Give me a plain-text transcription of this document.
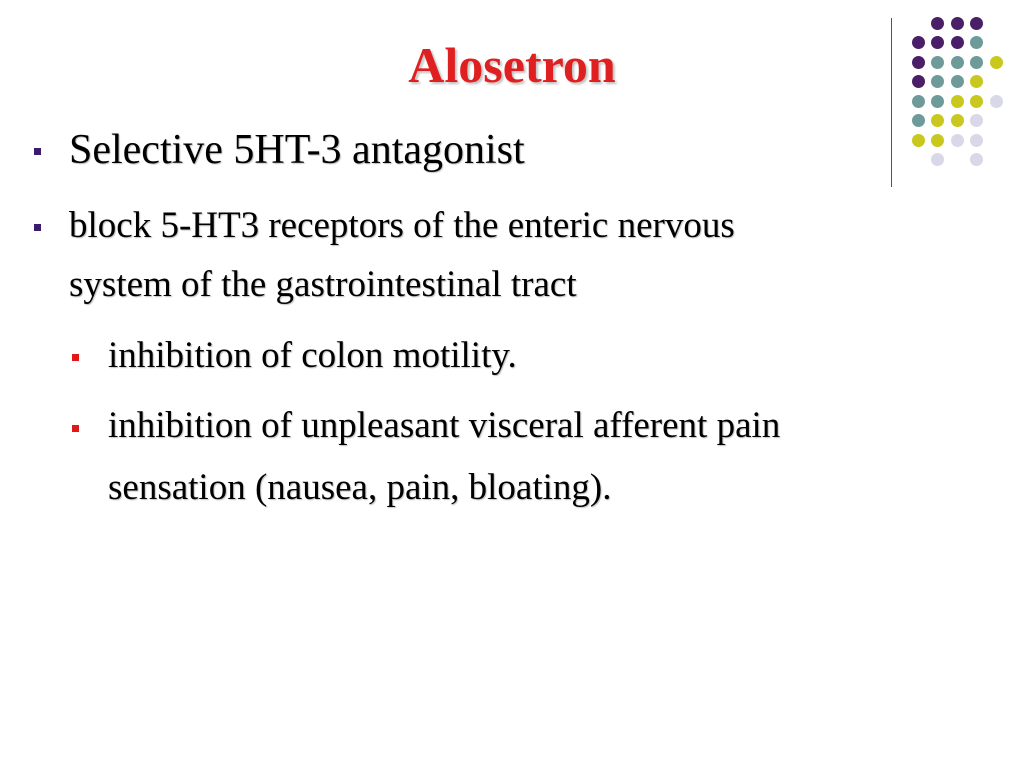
Alosetron
Selective 5HT-3 antagonist
block 5-HT3 receptors of the enteric nervous
system of the gastrointestinal tract
inhibition of colon motility.
inhibition of unpleasant visceral afferent pain
sensation (nausea, pain, bloating).
